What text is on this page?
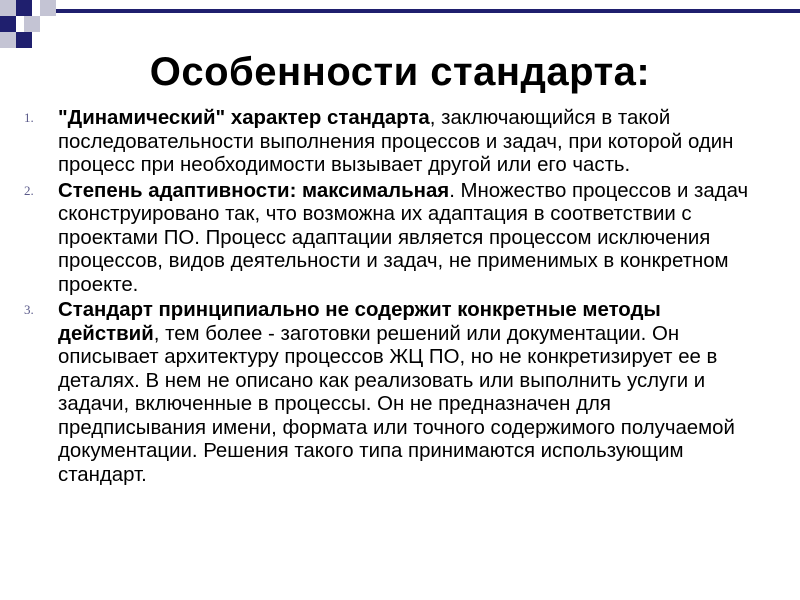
Особенности стандарта:
1. "Динамический" характер стандарта, заключающийся в такой последовательности выполнения процессов и задач, при которой один процесс при необходимости вызывает другой или его часть.
2. Степень адаптивности: максимальная. Множество процессов и задач сконструировано так, что возможна их адаптация в соответствии с проектами ПО. Процесс адаптации является процессом исключения процессов, видов деятельности и задач, не применимых в конкретном проекте.
3. Стандарт принципиально не содержит конкретные методы действий, тем более - заготовки решений или документации. Он описывает архитектуру процессов ЖЦ ПО, но не конкретизирует ее в деталях. В нем не описано как реализовать или выполнить услуги и задачи, включенные в процессы. Он не предназначен для предписывания имени, формата или точного содержимого получаемой документации. Решения такого типа принимаются использующим стандарт.
